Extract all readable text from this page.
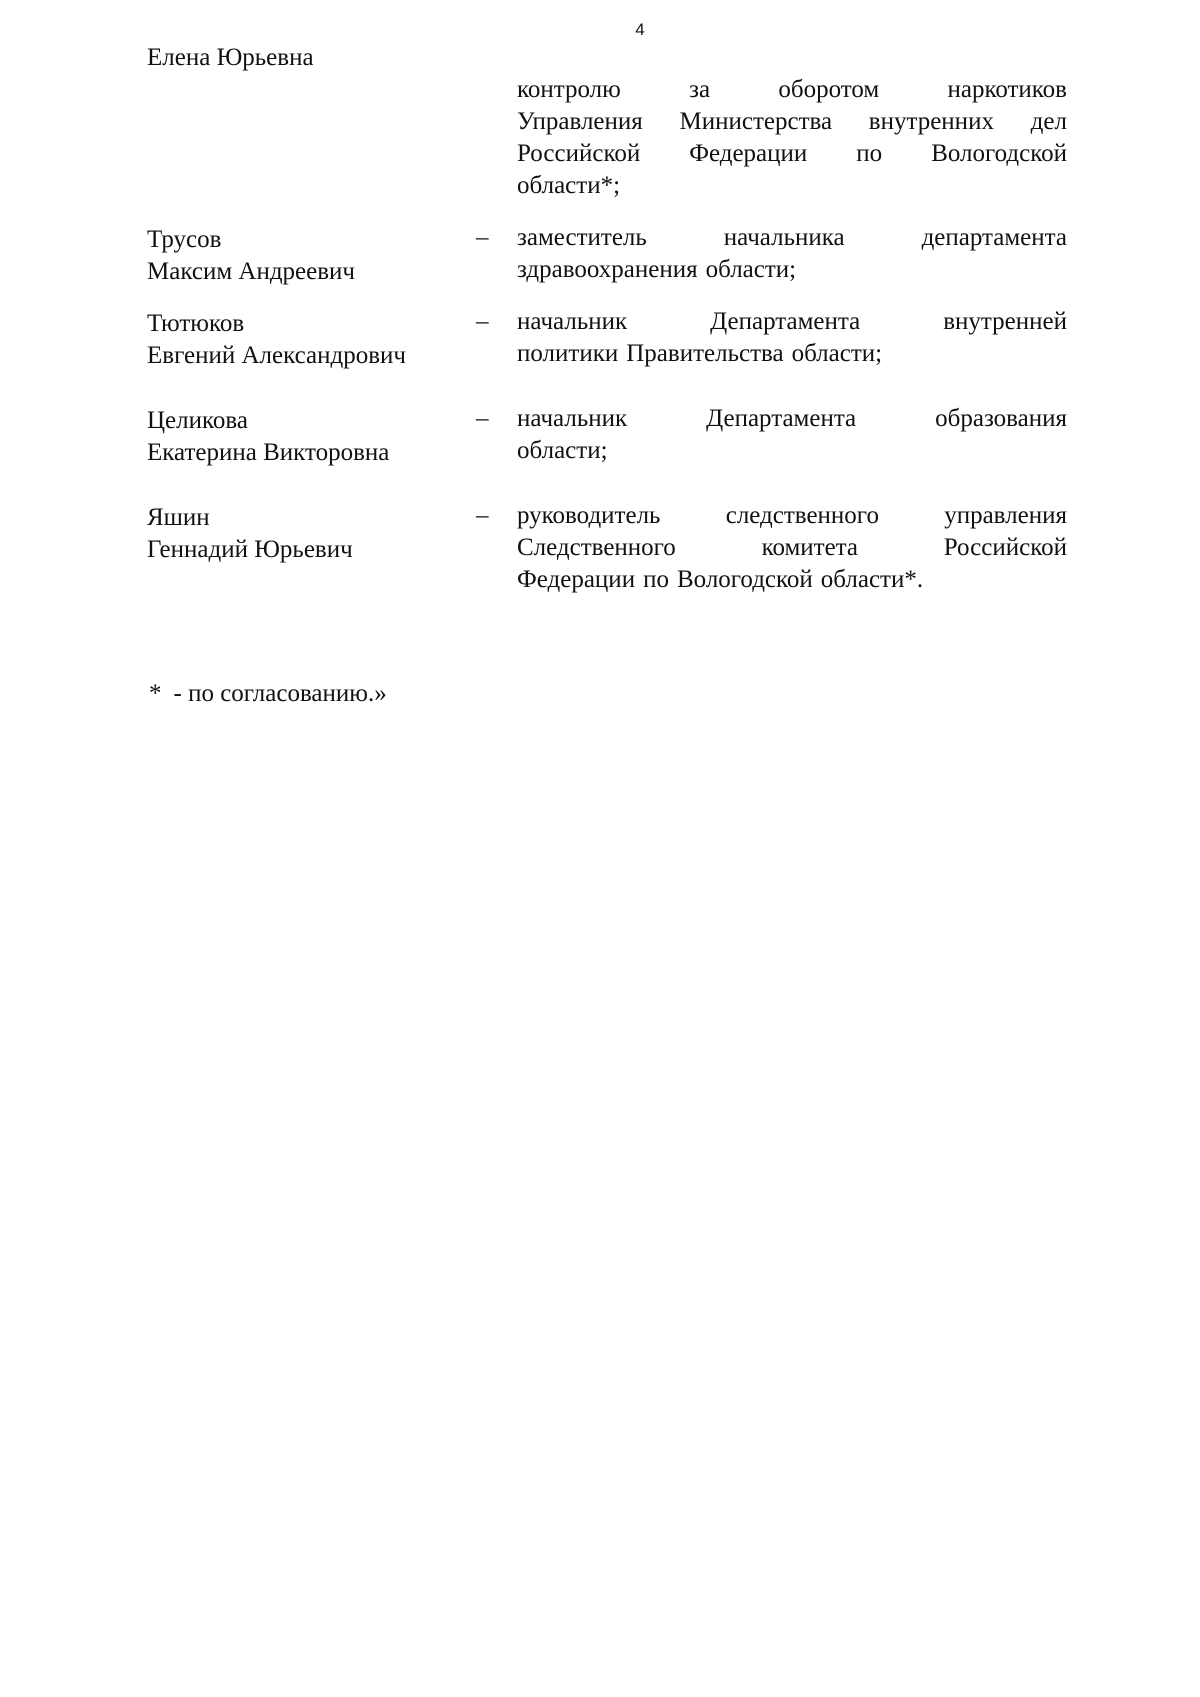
4
Елена Юрьевна
контролю	за	оборотом	наркотиков
Управления Министерства внутренних дел
Российской Федерации по Вологодской
области*;
Трусов
Максим Андреевич
– заместитель	начальника	департамента
здравоохранения области;
Тютюков
Евгений Александрович
– начальник	Департамента	внутренней
политики Правительства области;
Целикова
Екатерина Викторовна
– начальник	Департамента	образования
области;
Яшин
Геннадий Юрьевич
– руководитель	следственного	управления
Следственного	комитета	Российской
Федерации по Вологодской области*.
* - по согласованию.»
